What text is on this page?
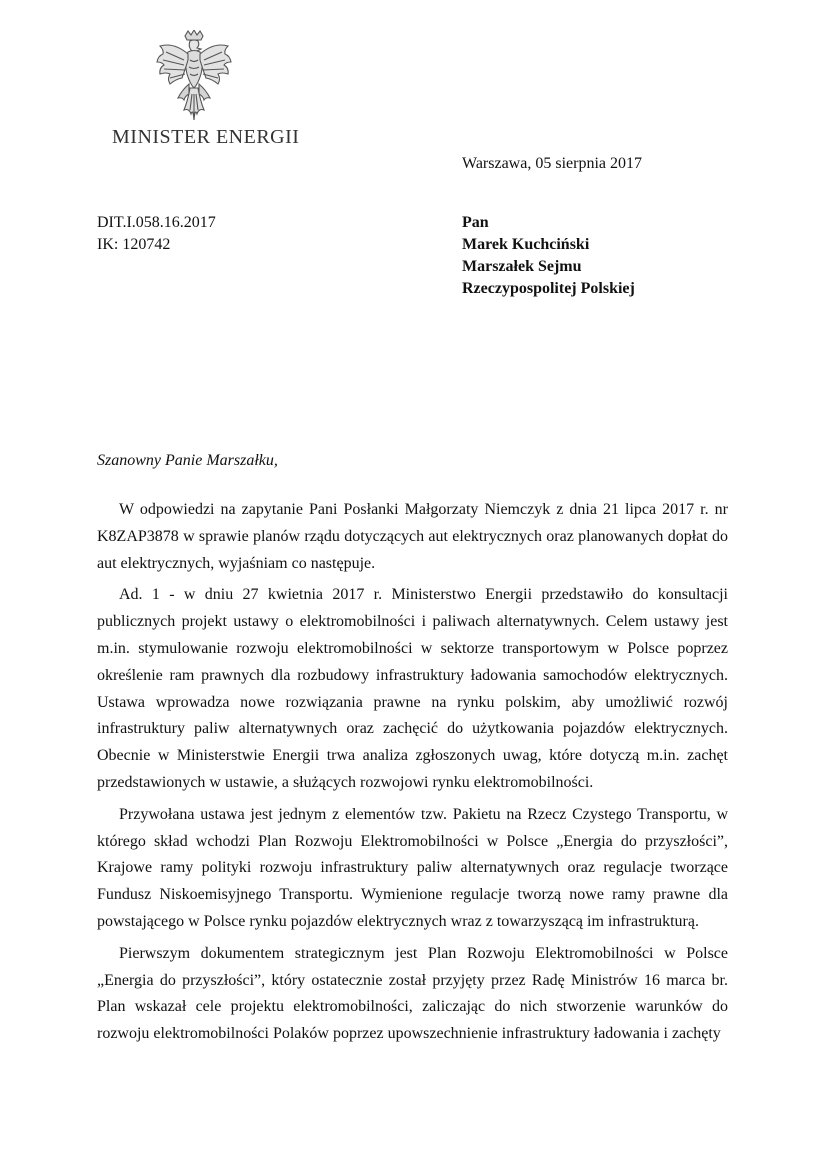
MINISTER ENERGII
Warszawa, 05 sierpnia 2017
DIT.I.058.16.2017
IK: 120742
Pan
Marek Kuchciński
Marszałek Sejmu
Rzeczypospolitej Polskiej
Szanowny Panie Marszałku,

W odpowiedzi na zapytanie Pani Posłanki Małgorzaty Niemczyk z dnia 21 lipca 2017 r. nr K8ZAP3878 w sprawie planów rządu dotyczących aut elektrycznych oraz planowanych dopłat do aut elektrycznych, wyjaśniam co następuje.

Ad. 1 - w dniu 27 kwietnia 2017 r. Ministerstwo Energii przedstawiło do konsultacji publicznych projekt ustawy o elektromobilności i paliwach alternatywnych. Celem ustawy jest m.in. stymulowanie rozwoju elektromobilności w sektorze transportowym w Polsce poprzez określenie ram prawnych dla rozbudowy infrastruktury ładowania samochodów elektrycznych. Ustawa wprowadza nowe rozwiązania prawne na rynku polskim, aby umożliwić rozwój infrastruktury paliw alternatywnych oraz zachęcić do użytkowania pojazdów elektrycznych. Obecnie w Ministerstwie Energii trwa analiza zgłoszonych uwag, które dotyczą m.in. zachęt przedstawionych w ustawie, a służących rozwojowi rynku elektromobilności.

Przywołana ustawa jest jednym z elementów tzw. Pakietu na Rzecz Czystego Transportu, w którego skład wchodzi Plan Rozwoju Elektromobilności w Polsce „Energia do przyszłości”, Krajowe ramy polityki rozwoju infrastruktury paliw alternatywnych oraz regulacje tworzące Fundusz Niskoemisyjnego Transportu. Wymienione regulacje tworzą nowe ramy prawne dla powstającego w Polsce rynku pojazdów elektrycznych wraz z towarzyszącą im infrastrukturą.

Pierwszym dokumentem strategicznym jest Plan Rozwoju Elektromobilności w Polsce „Energia do przyszłości”, który ostatecznie został przyjęty przez Radę Ministrów 16 marca br. Plan wskazał cele projektu elektromobilności, zaliczając do nich stworzenie warunków do rozwoju elektromobilności Polaków poprzez upowszechnienie infrastruktury ładowania i zachęty
